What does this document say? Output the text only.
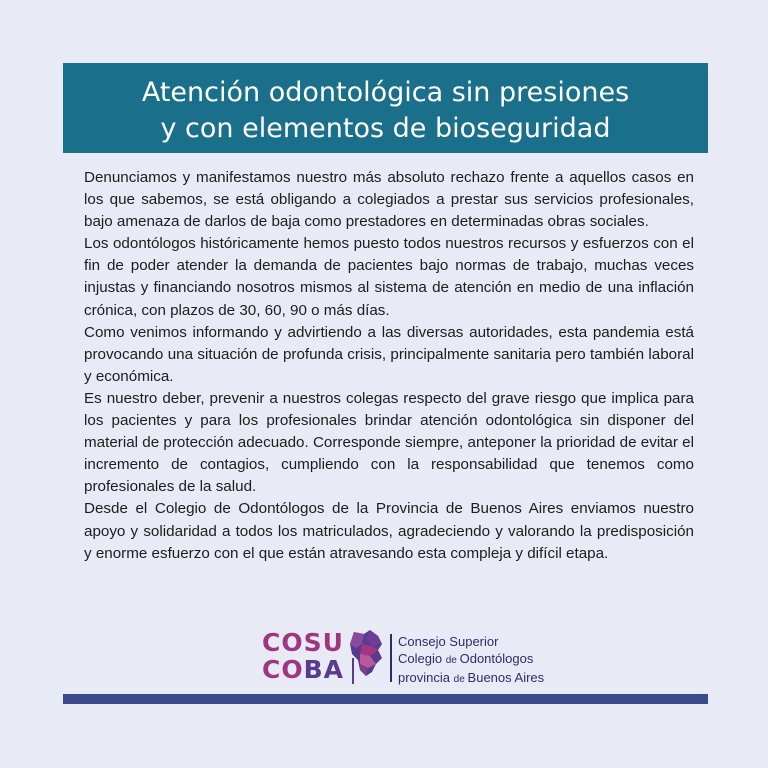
Atención odontológica sin presiones
y con elementos de bioseguridad

Denunciamos y manifestamos nuestro más absoluto rechazo frente a aquellos casos en los que sabemos, se está obligando a colegiados a prestar sus servicios profesionales, bajo amenaza de darlos de baja como prestadores en determinadas obras sociales.

Los odontólogos históricamente hemos puesto todos nuestros recursos y esfuerzos con el fin de poder atender la demanda de pacientes bajo normas de trabajo, muchas veces injustas y financiando nosotros mismos al sistema de atención en medio de una inflación crónica, con plazos de 30, 60, 90 o más días.

Como venimos informando y advirtiendo a las diversas autoridades, esta pandemia está provocando una situación de profunda crisis, principalmente sanitaria pero también laboral y económica.

Es nuestro deber, prevenir a nuestros colegas respecto del grave riesgo que implica para los pacientes y para los profesionales brindar atención odontológica sin disponer del material de protección adecuado. Corresponde siempre, anteponer la prioridad de evitar el incremento de contagios, cumpliendo con la responsabilidad que tenemos como profesionales de la salud.

Desde el Colegio de Odontólogos de la Provincia de Buenos Aires enviamos nuestro apoyo y solidaridad a todos los matriculados, agradeciendo y valorando la predisposición y enorme esfuerzo con el que están atravesando esta compleja y difícil etapa.

COSU
COBA
Consejo Superior
Colegio de Odontólogos
provincia de Buenos Aires
